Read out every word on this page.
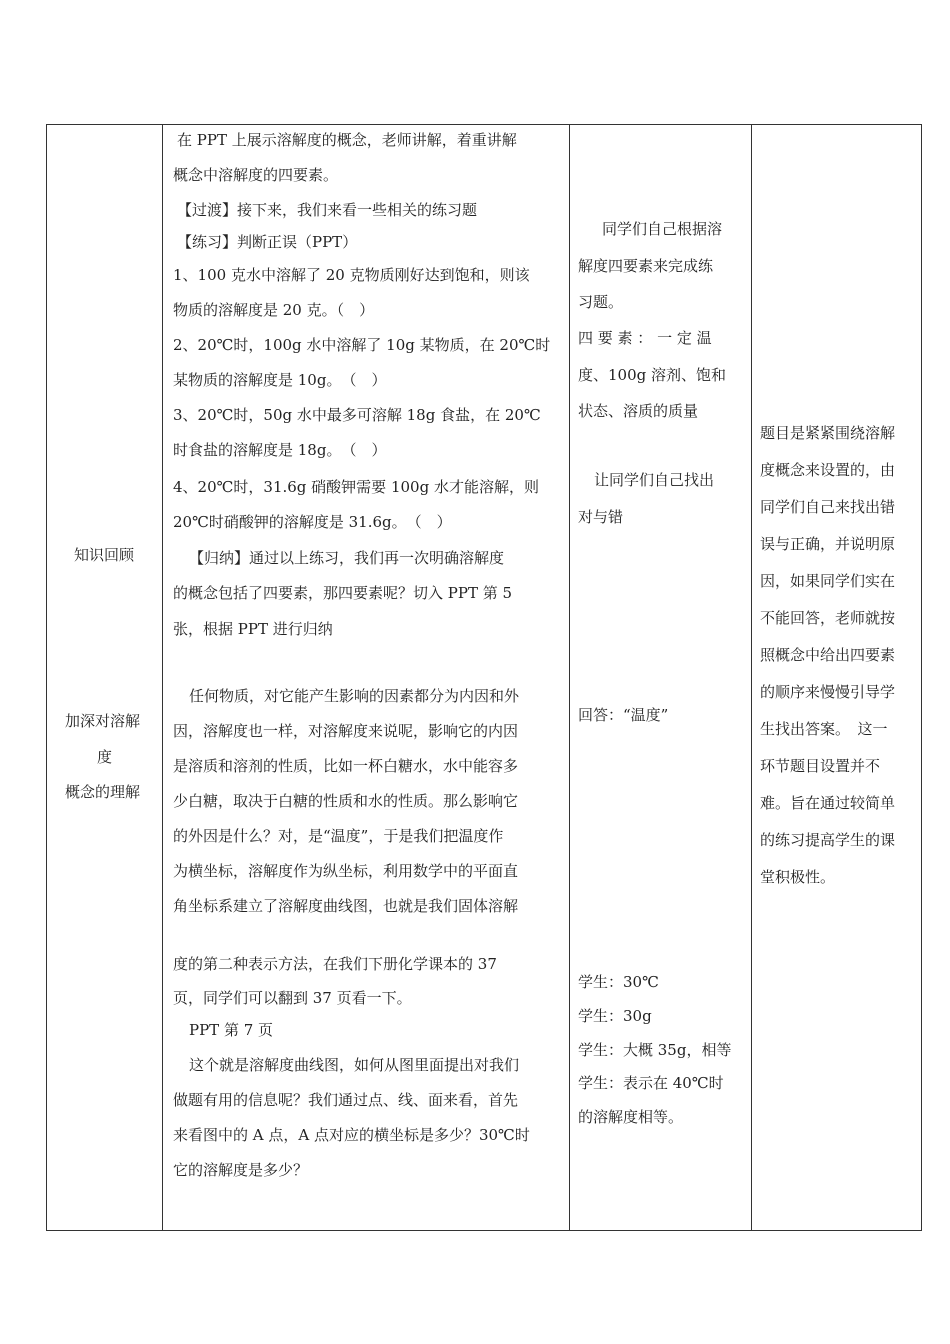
知识回顾
加深对溶解
度
概念的理解
在 PPT 上展示溶解度的概念，老师讲解，着重讲解
概念中溶解度的四要素。
【过渡】接下来，我们来看一些相关的练习题
【练习】判断正误（PPT）
1、100 克水中溶解了 20 克物质刚好达到饱和，则该
物质的溶解度是 20 克。（　）
2、20℃时，100g 水中溶解了 10g 某物质，在 20℃时
某物质的溶解度是 10g。　（　）
3、20℃时，50g 水中最多可溶解 18g 食盐，在 20℃
时食盐的溶解度是 18g。　（　）
4、20℃时，31.6g 硝酸钾需要 100g 水才能溶解，则
20℃时硝酸钾的溶解度是 31.6g。　（　）
【归纳】通过以上练习，我们再一次明确溶解度
的概念包括了四要素，那四要素呢？切入 PPT 第 5
张，根据 PPT 进行归纳
任何物质，对它能产生影响的因素都分为内因和外
因，溶解度也一样，对溶解度来说呢，影响它的内因
是溶质和溶剂的性质，比如一杯白糖水，水中能容多
少白糖，取决于白糖的性质和水的性质。那么影响它
的外因是什么？对，是“温度”，于是我们把温度作
为横坐标，溶解度作为纵坐标，利用数学中的平面直
角坐标系建立了溶解度曲线图，也就是我们固体溶解
度的第二种表示方法，在我们下册化学课本的 37
页，同学们可以翻到 37 页看一下。
PPT 第 7 页
这个就是溶解度曲线图，如何从图里面提出对我们
做题有用的信息呢？我们通过点、线、面来看，首先
来看图中的 A 点，A 点对应的横坐标是多少？30℃时
它的溶解度是多少？
同学们自己根据溶
解度四要素来完成练
习题。
四 要 素 ： 一 定 温
度、100g 溶剂、饱和
状态、溶质的质量
让同学们自己找出
对与错
回答：“温度”
学生：30℃
学生：30g
学生：大概 35g，相等
学生：表示在 40℃时
的溶解度相等。
题目是紧紧围绕溶解
度概念来设置的，由
同学们自己来找出错
误与正确，并说明原
因，如果同学们实在
不能回答，老师就按
照概念中给出四要素
的顺序来慢慢引导学
生找出答案。　这一
环节题目设置并不
难。旨在通过较简单
的练习提高学生的课
堂积极性。
